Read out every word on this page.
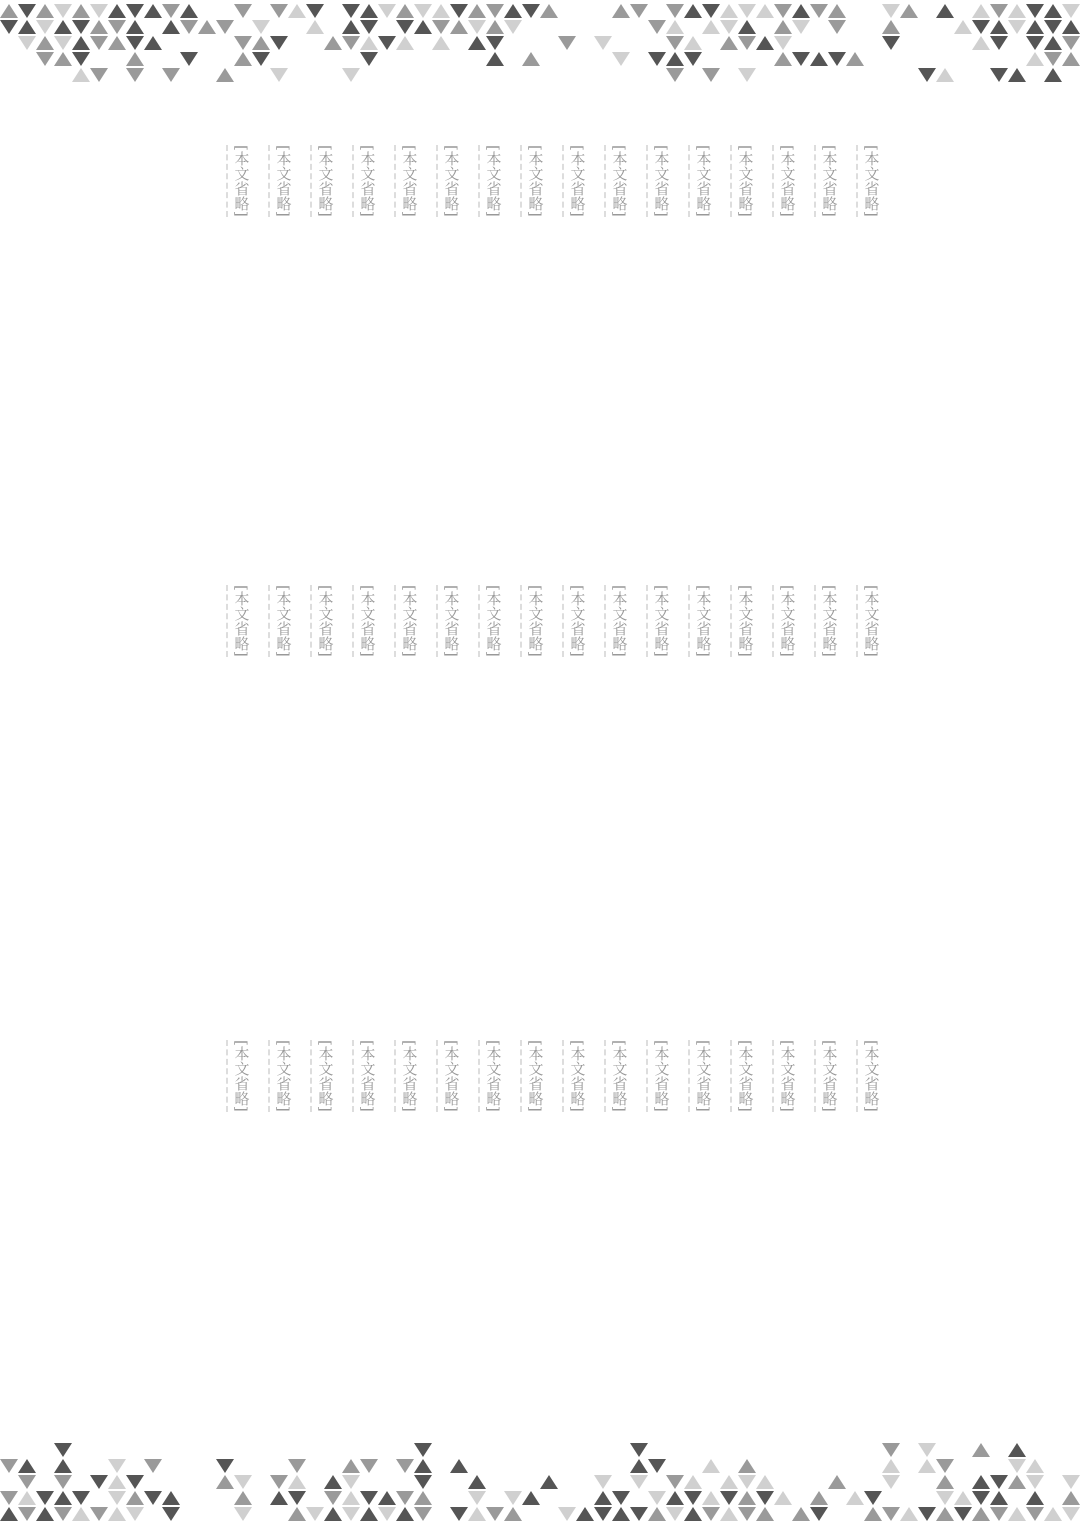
[本文省略]
[本文省略]
[本文省略]
[本文省略]
[本文省略]
[本文省略]
[本文省略]
[本文省略]
[本文省略]
[本文省略]
[本文省略]
[本文省略]
[本文省略]
[本文省略]
[本文省略]
[本文省略]
[本文省略]
[本文省略]
[本文省略]
[本文省略]
[本文省略]
[本文省略]
[本文省略]
[本文省略]
[本文省略]
[本文省略]
[本文省略]
[本文省略]
[本文省略]
[本文省略]
[本文省略]
[本文省略]
[本文省略]
[本文省略]
[本文省略]
[本文省略]
[本文省略]
[本文省略]
[本文省略]
[本文省略]
[本文省略]
[本文省略]
[本文省略]
[本文省略]
[本文省略]
[本文省略]
[本文省略]
[本文省略]
